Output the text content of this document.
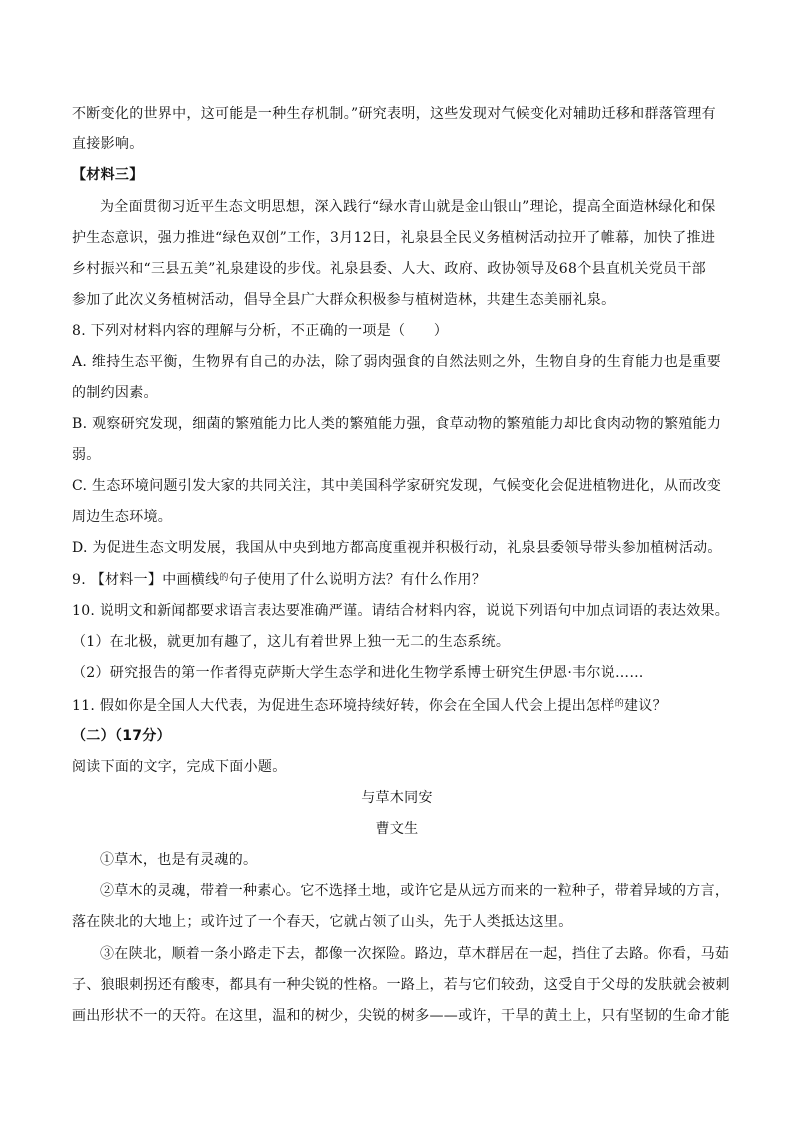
不断变化的世界中，这可能是一种生存机制。”研究表明，这些发现对气候变化对辅助迁移和群落管理有
直接影响。
【材料三】
为全面贯彻习近平生态文明思想，深入践行“绿水青山就是金山银山”理论，提高全面造林绿化和保
护生态意识，强力推进“绿色双创”工作，3月12日，礼泉县全民义务植树活动拉开了帷幕，加快了推进
乡村振兴和“三县五美”礼泉建设的步伐。礼泉县委、人大、政府、政协领导及68个县直机关党员干部
参加了此次义务植树活动，倡导全县广大群众积极参与植树造林，共建生态美丽礼泉。
8. 下列对材料内容的理解与分析，不正确的一项是（　　）
A. 维持生态平衡，生物界有自己的办法，除了弱肉强食的自然法则之外，生物自身的生育能力也是重要
的制约因素。
B. 观察研究发现，细菌的繁殖能力比人类的繁殖能力强，食草动物的繁殖能力却比食肉动物的繁殖能力
弱。
C. 生态环境问题引发大家的共同关注，其中美国科学家研究发现，气候变化会促进植物进化，从而改变
周边生态环境。
D. 为促进生态文明发展，我国从中央到地方都高度重视并积极行动，礼泉县委领导带头参加植树活动。
9. 【材料一】中画横线$^的$句子使用了什么说明方法？有什么作用？
10. 说明文和新闻都要求语言表达要准确严谨。请结合材料内容，说说下列语句中加点词语的表达效果。
（1）在北极，就更加有趣了，这儿有着世界上独一无二的生态系统。
（2）研究报告的第一作者得克萨斯大学生态学和进化生物学系博士研究生伊恩·韦尔说……
11. 假如你是全国人大代表，为促进生态环境持续好转，你会在全国人代会上提出怎样$^的$建议？
（二）（17分）
阅读下面的文字，完成下面小题。
与草木同安
曹文生
①草木，也是有灵魂的。
②草木的灵魂，带着一种素心。它不选择土地，或许它是从远方而来的一粒种子，带着异域的方言，
落在陕北的大地上；或许过了一个春天，它就占领了山头，先于人类抵达这里。
③在陕北，顺着一条小路走下去，都像一次探险。路边，草木群居在一起，挡住了去路。你看，马茹
子、狼眼刺拐还有酸枣，都具有一种尖锐的性格。一路上，若与它们较劲，这受自于父母的发肤就会被刺
画出形状不一的天符。在这里，温和的树少，尖锐的树多——或许，干旱的黄土上，只有坚韧的生命才能
